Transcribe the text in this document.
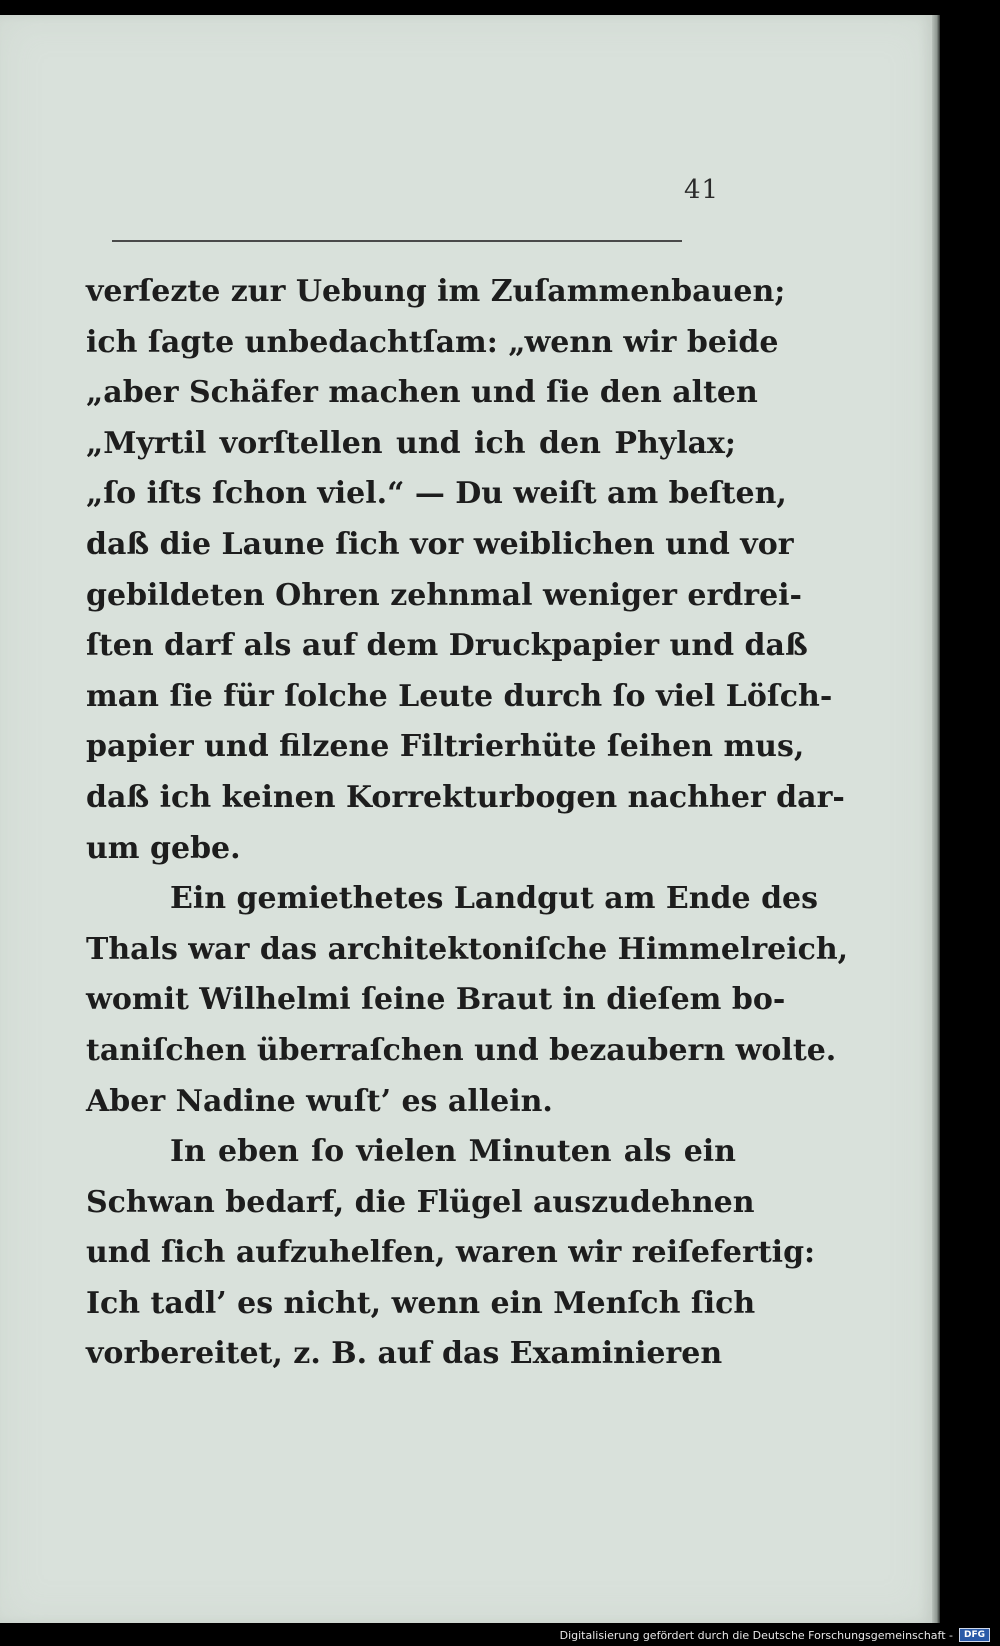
41
verſezte zur Uebung im Zuſammenbauen;
ich ſagte unbedachtſam: „wenn wir beide
„aber Schäfer machen und ſie den alten
„Myrtil vorſtellen und ich den Phylax;
„ſo iſts ſchon viel.“ — Du weiſt am beſten,
daß die Laune ſich vor weiblichen und vor
gebildeten Ohren zehnmal weniger erdrei-
ſten darf als auf dem Druckpapier und daß
man ſie für ſolche Leute durch ſo viel Löſch-
papier und filzene Filtrierhüte ſeihen mus,
daß ich keinen Korrekturbogen nachher dar-
um gebe.
Ein gemiethetes Landgut am Ende des
Thals war das architektoniſche Himmelreich,
womit Wilhelmi ſeine Braut in dieſem bo-
taniſchen überraſchen und bezaubern wolte.
Aber Nadine wuſt’ es allein.
In eben ſo vielen Minuten als ein
Schwan bedarf, die Flügel auszudehnen
und ſich aufzuhelfen, waren wir reiſefertig:
Ich tadl’ es nicht, wenn ein Menſch ſich
vorbereitet, z. B. auf das Examinieren
Digitalisierung gefördert durch die Deutsche Forschungsgemeinschaft -	DFG
